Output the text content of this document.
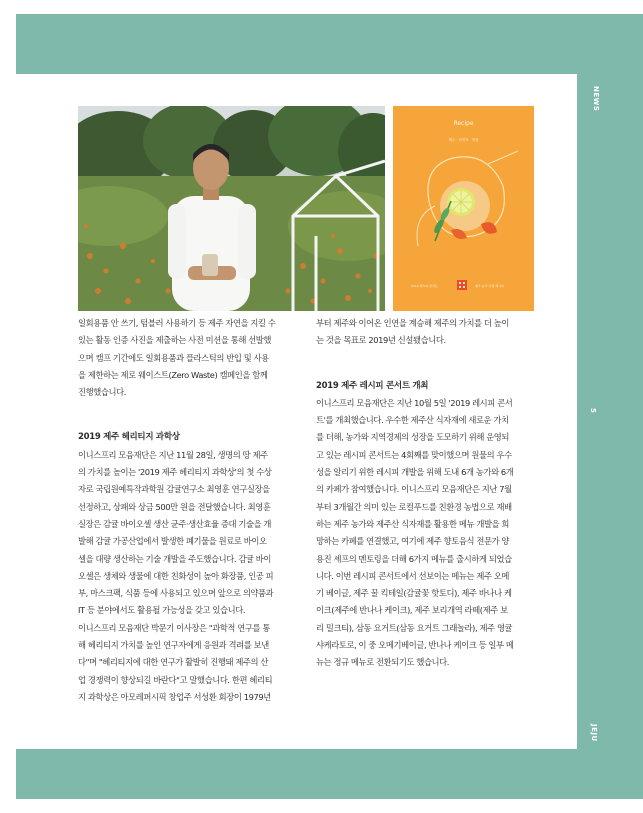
NEWS
5
JEJU
Recipe
제주 · 서귀포 · 한림
2019 레시피 콘서트	제주 농가 상생 레시피

일회용품 안 쓰기, 텀블러 사용하기 등 제주 자연을 지킬 수

있는 활동 인증 사진을 제출하는 사전 미션을 통해 선발했

으며 캠프 기간에도 일회용품과 플라스틱의 반입 및 사용

을 제한하는 제로 웨이스트(Zero Waste) 캠페인을 함께

진행했습니다.

2019 제주 헤리티지 과학상

이니스프리 모음재단은 지난 11월 28일, 생명의 땅 제주

의 가치를 높이는 '2019 제주 헤리티지 과학상'의 첫 수상

자로 국립원예특작과학원 감귤연구소 최영훈 연구실장을

선정하고, 상패와 상금 500만 원을 전달했습니다. 최영훈

실장은 감귤 바이오셀 생산 균주·생산효율 증대 기술을 개

발해 감귤 가공산업에서 발생한 폐기물을 원료로 바이오

셀을 대량 생산하는 기술 개발을 주도했습니다. 감귤 바이

오셀은 생체와 생물에 대한 친화성이 높아 화장품, 인공 피

부, 마스크팩, 식품 등에 사용되고 있으며 앞으로 의약품과

IT 등 분야에서도 활용될 가능성을 갖고 있습니다.

이니스프리 모음재단 박문기 이사장은 "과학적 연구를 통

해 헤리티지 가치를 높인 연구자에게 응원과 격려를 보낸

다"며 "헤리티지에 대한 연구가 활발히 진행돼 제주의 산

업 경쟁력이 향상되길 바란다"고 말했습니다. 한편 헤리티

지 과학상은 아모레퍼시픽 창업주 서성환 회장이 1979년

부터 제주와 이어온 인연을 계승해 제주의 가치를 더 높이

는 것을 목표로 2019년 신설됐습니다.

2019 제주 레시피 콘서트 개최

이니스프리 모음재단은 지난 10월 5일 '2019 레시피 콘서

트'를 개최했습니다. 우수한 제주산 식자재에 새로운 가치

를 더해, 농가와 지역경제의 성장을 도모하기 위해 운영되

고 있는 레시피 콘서트는 4회째를 맞이했으며 원물의 우수

성을 알리기 위한 레시피 개발을 위해 도내 6개 농가와 6개

의 카페가 참여했습니다. 이니스프리 모음재단은 지난 7월

부터 3개월간 의미 있는 로컬푸드를 친환경 농법으로 재배

하는 제주 농가와 제주산 식자재를 활용한 메뉴 개발을 희

망하는 카페를 연결했고, 여기에 제주 향토음식 전문가 양

용진 셰프의 멘토링을 더해 6가지 메뉴를 출시하게 되었습

니다. 이번 레시피 콘서트에서 선보이는 메뉴는 제주 오메

기 베이글, 제주 꿀 킥테일(감귤꽃 핫토디), 제주 바나나 케

이크(제주에 반나나 케이크), 제주 보리개역 라떼(제주 보

리 밀크티), 삼동 요거트(삼동 요거트 그래놀라), 제주 영귤

샤케라토로, 이 중 오메기베이글, 반나나 케이크 등 일부 메

뉴는 정규 메뉴로 전환되기도 했습니다.
